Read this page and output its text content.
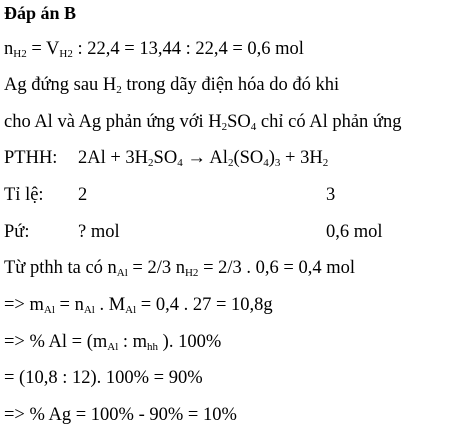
Đáp án B
$n_{H2} = V_{H2}$ : 22,4 = 13,44 : 22,4 = 0,6 mol
Ag đứng sau $H_2$ trong dãy điện hóa do đó khi
cho Al và Ag phản ứng với $H_2SO_4$ chỉ có Al phản ứng
PTHH: $2Al + 3H_2SO_4 \to Al_2(SO_4)_3 + 3H_2$
Tỉ lệ: 2	3
Pứ:	? mol	0,6 mol
Từ pthh ta có $n_{Al} = 2/3$ $n_{H2} = 2/3$ . 0,6 = 0,4 mol
=> $m_{Al} = n_{Al}$ . $M_{Al} = 0,4$ . 27 = 10,8g
=> % $Al = (m_{Al}$ : $m_{hh}$ ). 100%
= (10,8 : 12). 100% = 90%
=> % Ag = 100% - 90% = 10%
